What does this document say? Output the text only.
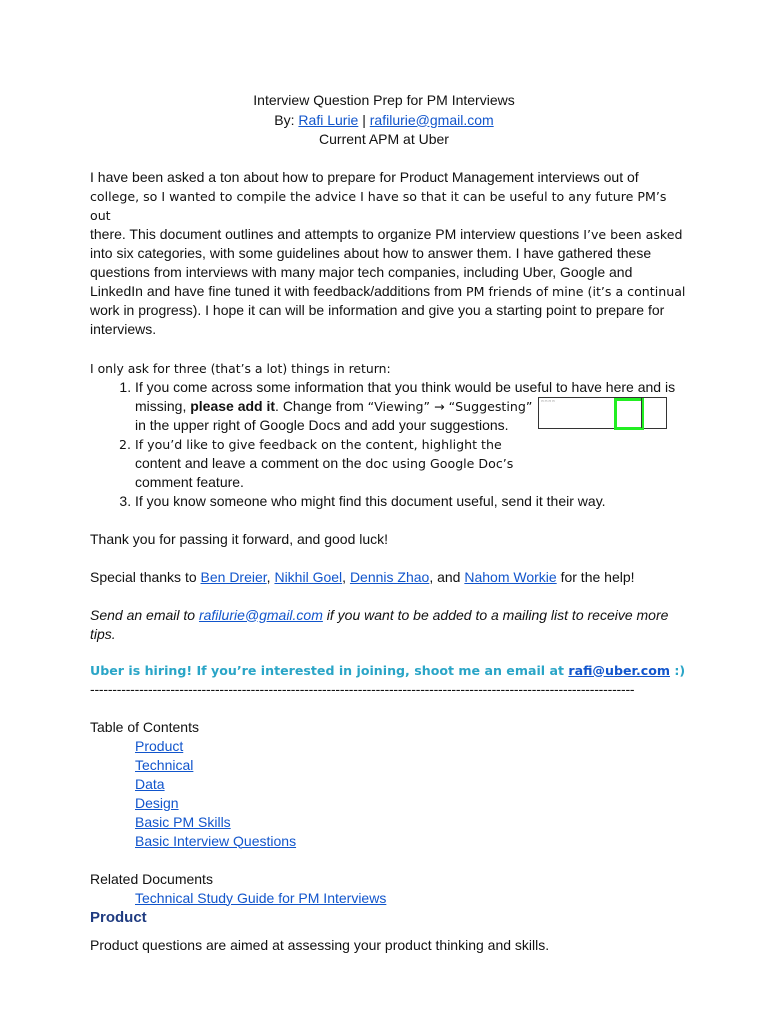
Interview Question Prep for PM Interviews
By: Rafi Lurie | rafilurie@gmail.com
Current APM at Uber

I have been asked a ton about how to prepare for Product Management interviews out of

college, so I wanted to compile the advice I have so that it can be useful to any future PM’s out

there. This document outlines and attempts to organize PM interview questions I’ve been asked

into six categories, with some guidelines about how to answer them. I have gathered these

questions from interviews with many major tech companies, including Uber, Google and

LinkedIn and have fine tuned it with feedback/additions from PM friends of mine (it’s a continual

work in progress). I hope it can will be information and give you a starting point to prepare for

interviews.

I only ask for three (that’s a lot) things in return:
1. If you come across some information that you think would be useful to have here and is
missing, please add it. Change from “Viewing” → “Suggesting”
in the upper right of Google Docs and add your suggestions.
2. If you’d like to give feedback on the content, highlight the
content and leave a comment on the doc using Google Doc’s
comment feature.
3. If you know someone who might find this document useful, send it their way.

Thank you for passing it forward, and good luck!

Special thanks to Ben Dreier, Nikhil Goel, Dennis Zhao, and Nahom Workie for the help!

Send an email to rafilurie@gmail.com if you want to be added to a mailing list to receive more
tips.

Uber is hiring! If you’re interested in joining, shoot me an email at rafi@uber.com :)

--------------------------------------------------------------------------------------------------------------------------

Table of Contents

Product
Technical
Data
Design
Basic PM Skills
Basic Interview Questions

Related Documents

Technical Study Guide for PM Interviews
Product

Product questions are aimed at assessing your product thinking and skills.

▭ ▭ ▭ ▭
